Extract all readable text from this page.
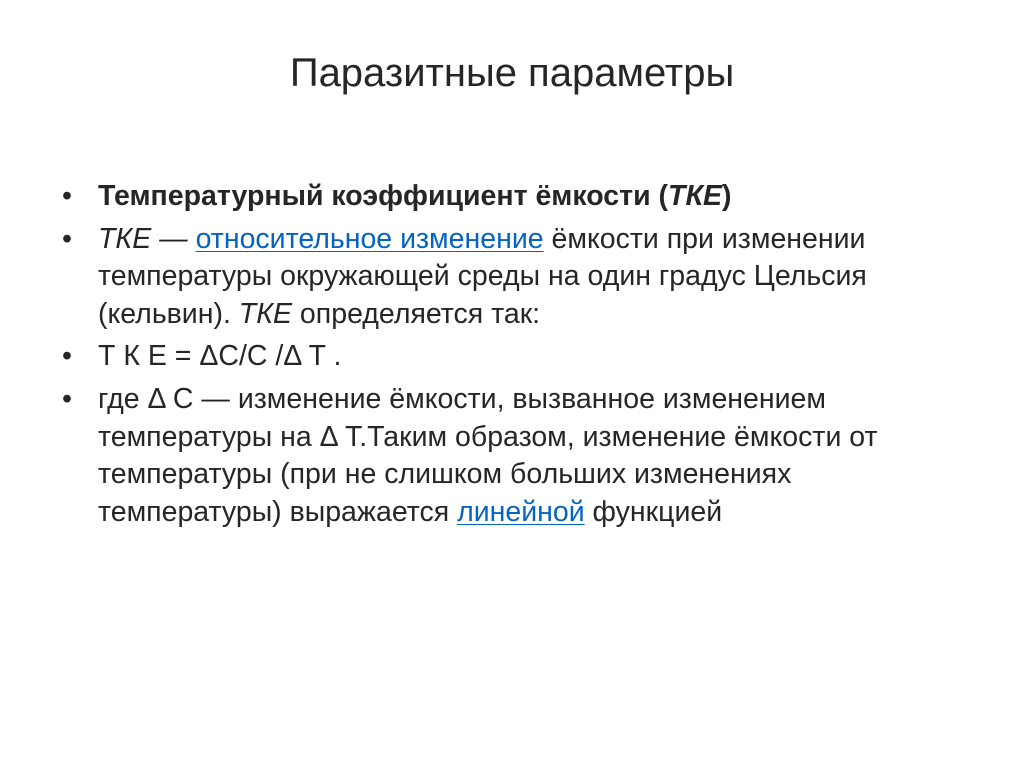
Паразитные параметры
• Температурный коэффициент ёмкости (ТКЕ)
• ТКЕ — относительное изменение ёмкости при изменении температуры окружающей среды на один градус Цельсия (кельвин). ТКЕ определяется так:
• Т К Е = ΔC/C /Δ T .
• где Δ C — изменение ёмкости, вызванное изменением температуры на Δ T.Таким образом, изменение ёмкости от температуры (при не слишком больших изменениях температуры) выражается линейной функцией
